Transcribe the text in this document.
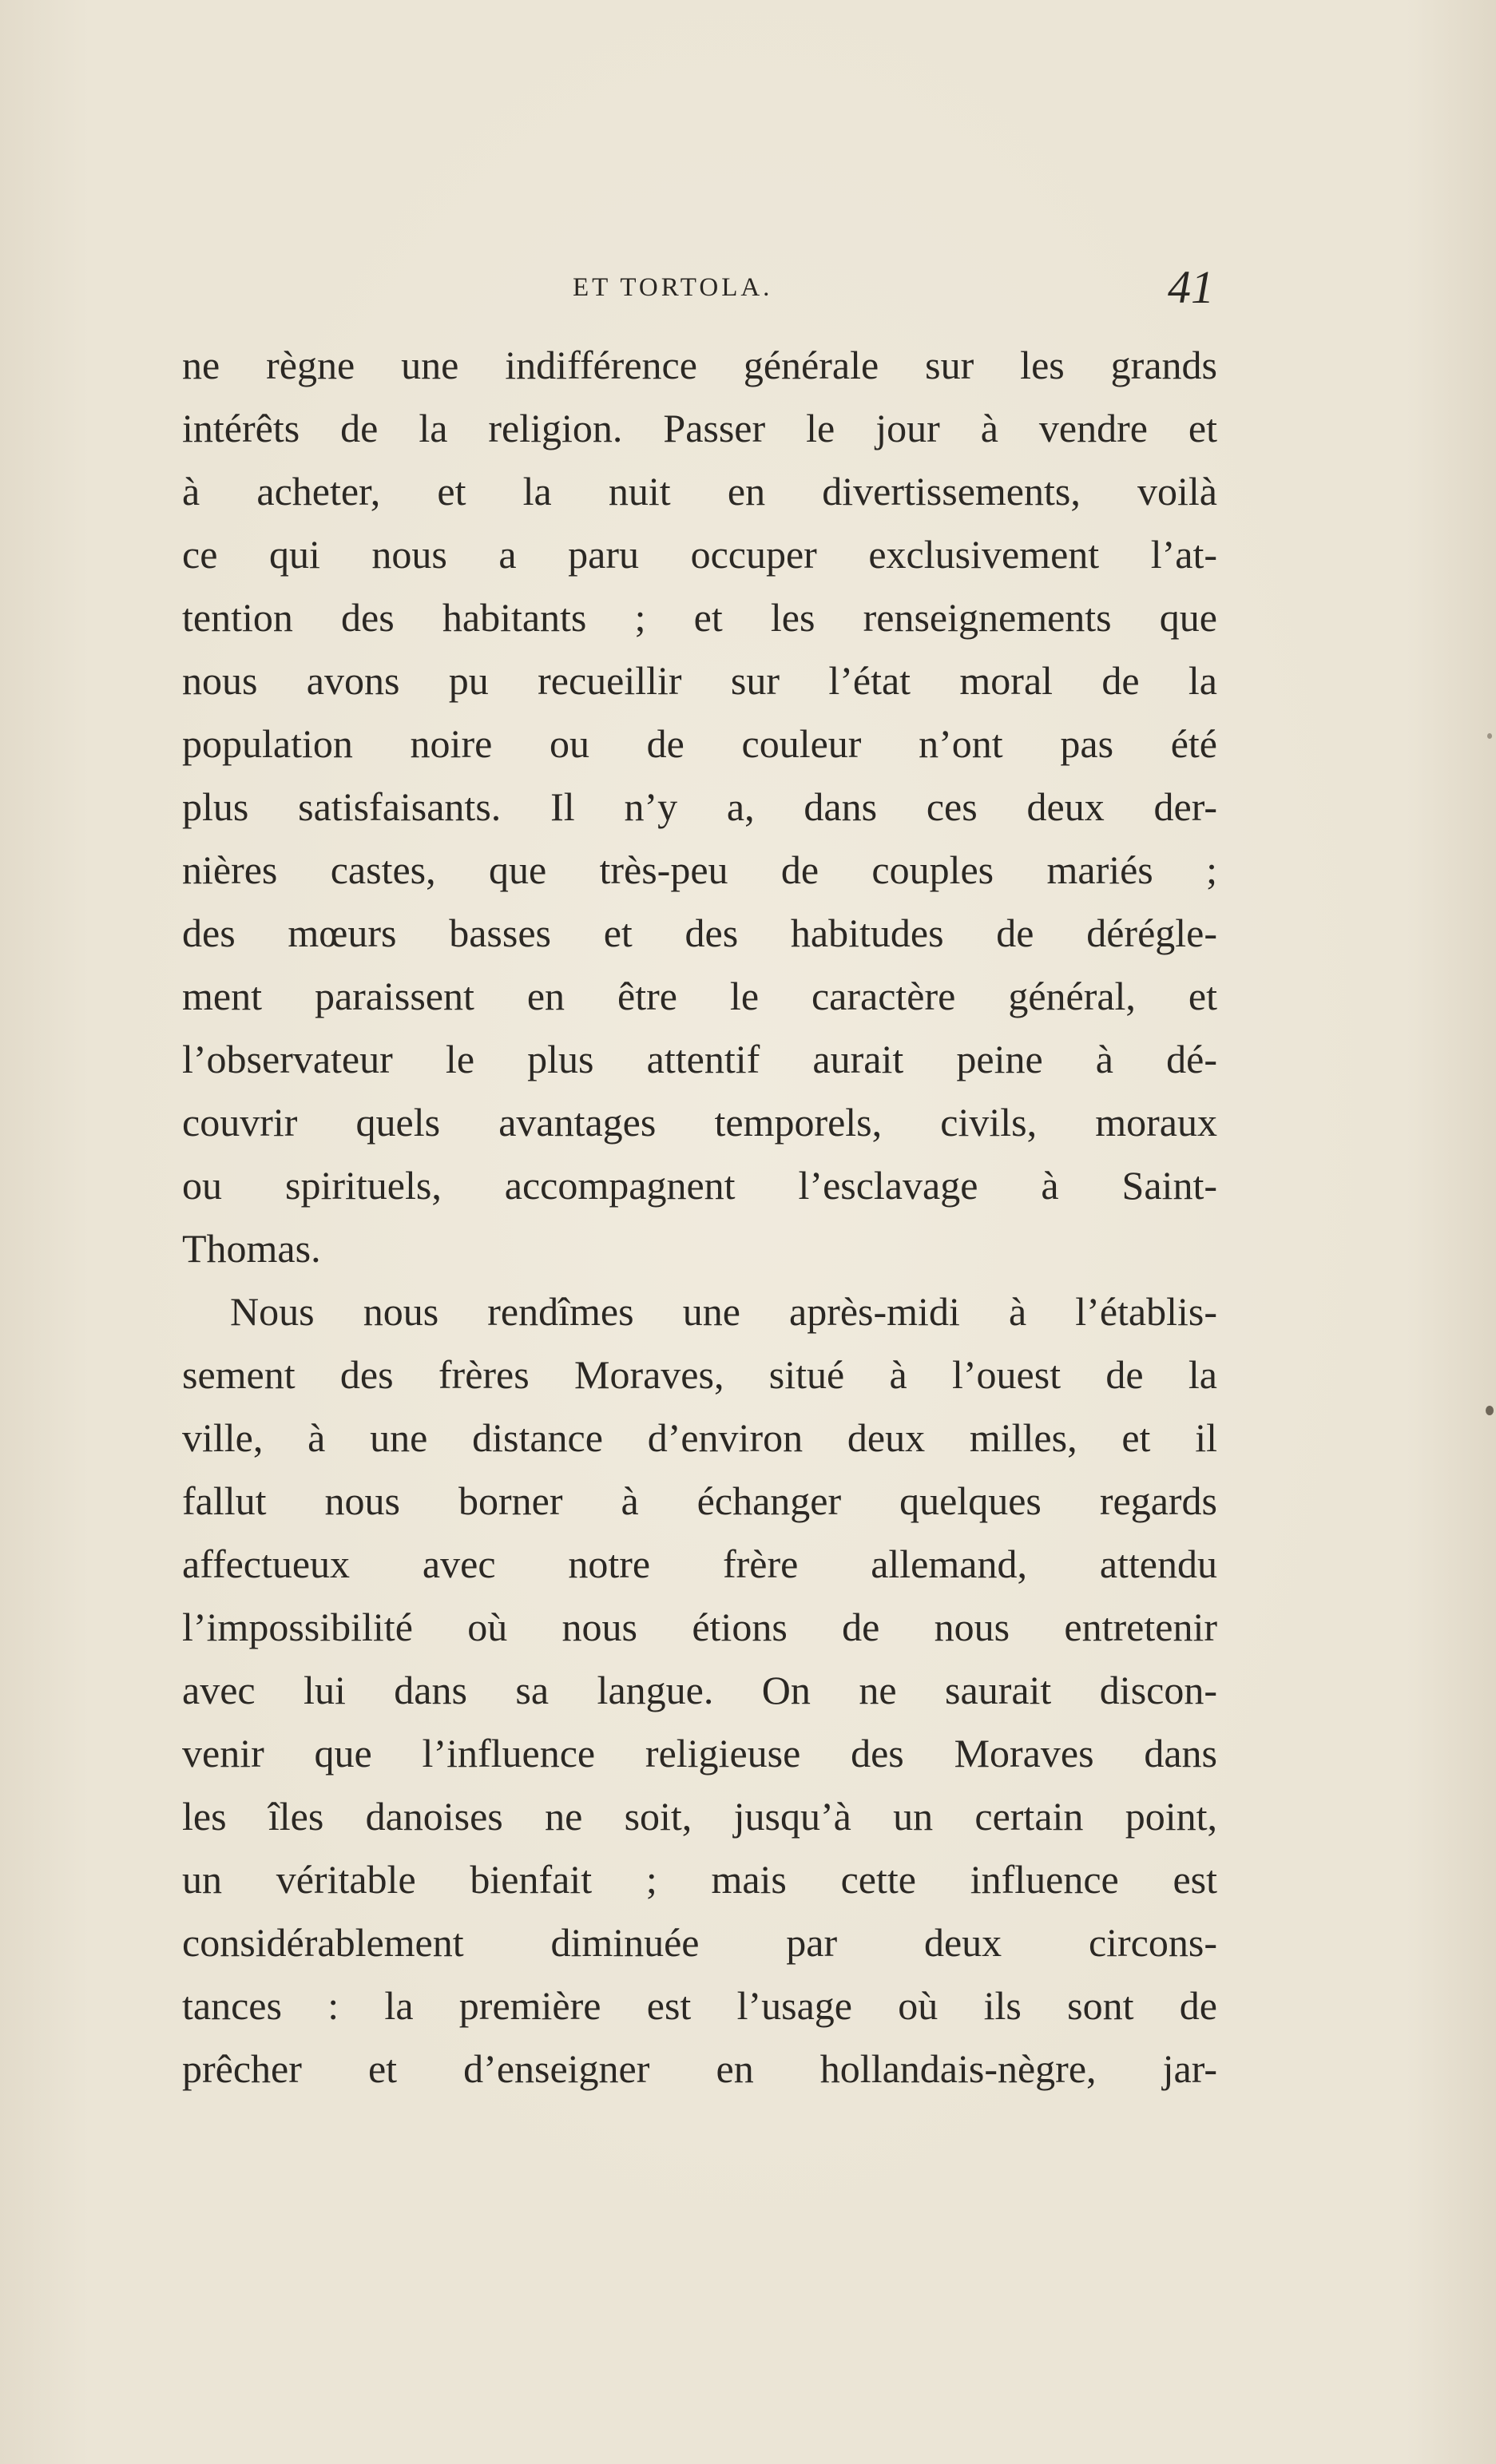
ET TORTOLA.	41
ne règne une indifférence générale sur les grands
intérêts de la religion. Passer le jour à vendre et
à acheter, et la nuit en divertissements, voilà
ce qui nous a paru occuper exclusivement l’at-
tention des habitants ; et les renseignements que
nous avons pu recueillir sur l’état moral de la
population noire ou de couleur n’ont pas été
plus satisfaisants. Il n’y a, dans ces deux der-
nières castes, que très-peu de couples mariés ;
des mœurs basses et des habitudes de dérégle-
ment paraissent en être le caractère général, et
l’observateur le plus attentif aurait peine à dé-
couvrir quels avantages temporels, civils, moraux
ou spirituels, accompagnent l’esclavage à Saint-
Thomas.
Nous nous rendîmes une après-midi à l’établis-
sement des frères Moraves, situé à l’ouest de la
ville, à une distance d’environ deux milles, et il
fallut nous borner à échanger quelques regards
affectueux avec notre frère allemand, attendu
l’impossibilité où nous étions de nous entretenir
avec lui dans sa langue. On ne saurait discon-
venir que l’influence religieuse des Moraves dans
les îles danoises ne soit, jusqu’à un certain point,
un véritable bienfait ; mais cette influence est
considérablement diminuée par deux circons-
tances : la première est l’usage où ils sont de
prêcher et d’enseigner en hollandais-nègre, jar-
